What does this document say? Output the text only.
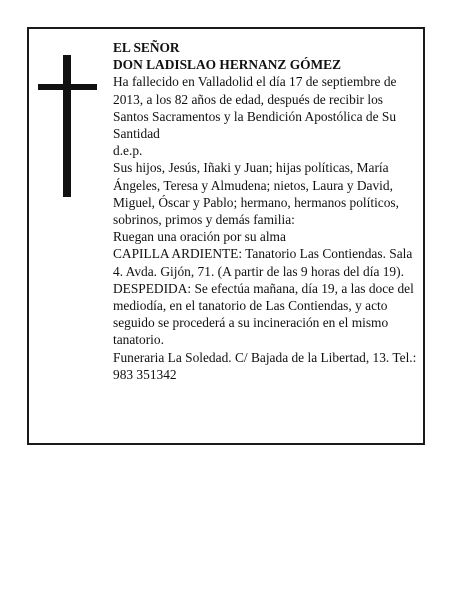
EL SEÑOR

DON LADISLAO HERNANZ GÓMEZ

Ha fallecido en Valladolid el día 17 de septiembre de 2013, a los 82 años de edad, después de recibir los Santos Sacramentos y la Bendición Apostólica de Su Santidad

d.e.p.

Sus hijos, Jesús, Iñaki y Juan; hijas políticas, María Ángeles, Teresa y Almudena; nietos, Laura y David, Miguel, Óscar y Pablo; hermano, hermanos políticos, sobrinos, primos y demás familia:

Ruegan una oración por su alma

CAPILLA ARDIENTE: Tanatorio Las Contiendas. Sala 4. Avda. Gijón, 71. (A partir de las 9 horas del día 19).

DESPEDIDA: Se efectúa mañana, día 19, a las doce del mediodía, en el tanatorio de Las Contiendas, y acto seguido se procederá a su incineración en el mismo tanatorio.

Funeraria La Soledad. C/ Bajada de la Libertad, 13. Tel.: 983 351342
